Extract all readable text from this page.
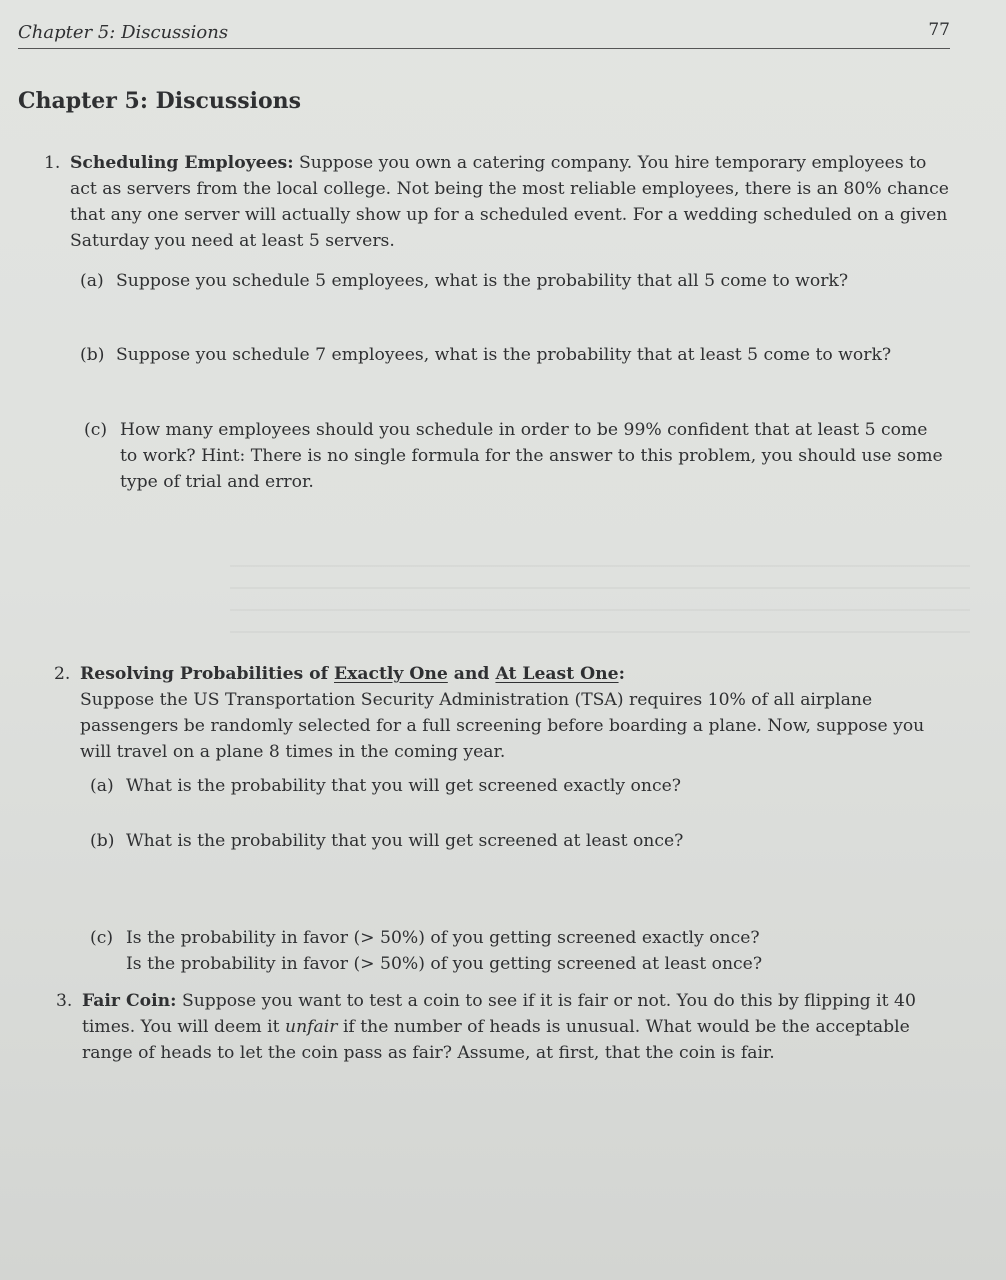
Chapter 5: Discussions	77
Chapter 5: Discussions
1. Scheduling Employees: Suppose you own a catering company. You hire temporary employees to act as servers from the local college. Not being the most reliable employees, there is an 80% chance that any one server will actually show up for a scheduled event. For a wedding scheduled on a given Saturday you need at least 5 servers.
(a) Suppose you schedule 5 employees, what is the probability that all 5 come to work?
(b) Suppose you schedule 7 employees, what is the probability that at least 5 come to work?
(c) How many employees should you schedule in order to be 99% confident that at least 5 come to work? Hint: There is no single formula for the answer to this problem, you should use some type of trial and error.
2. Resolving Probabilities of Exactly One and At Least One:
Suppose the US Transportation Security Administration (TSA) requires 10% of all airplane passengers be randomly selected for a full screening before boarding a plane. Now, suppose you will travel on a plane 8 times in the coming year.
(a) What is the probability that you will get screened exactly once?
(b) What is the probability that you will get screened at least once?
(c) Is the probability in favor (> 50%) of you getting screened exactly once?
Is the probability in favor (> 50%) of you getting screened at least once?
3. Fair Coin: Suppose you want to test a coin to see if it is fair or not. You do this by flipping it 40 times. You will deem it unfair if the number of heads is unusual. What would be the acceptable range of heads to let the coin pass as fair? Assume, at first, that the coin is fair.
